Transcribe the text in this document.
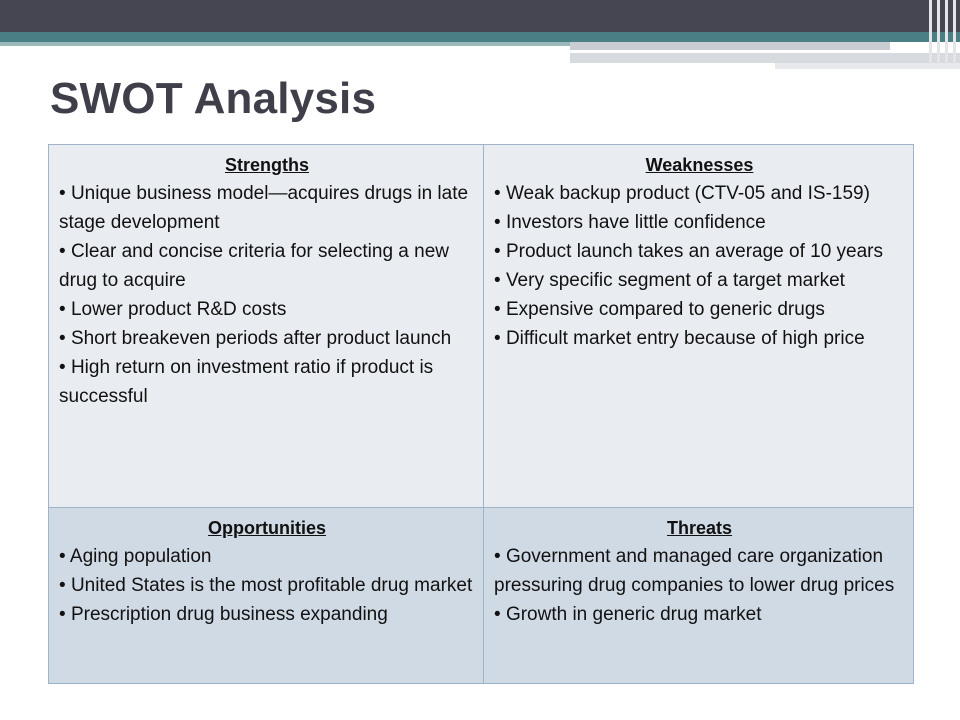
SWOT Analysis
Strengths
• Unique business model—acquires drugs in late stage development
• Clear and concise criteria for selecting a new drug to acquire
• Lower product R&D costs
• Short breakeven periods after product launch
• High return on investment ratio if product is successful
Weaknesses
• Weak backup product (CTV-05 and IS-159)
• Investors have little confidence
• Product launch takes an average of 10 years
• Very specific segment of a target market
• Expensive compared to generic drugs
• Difficult market entry because of high price
Opportunities
• Aging population
• United States is the most profitable drug market
• Prescription drug business expanding
Threats
• Government and managed care organization pressuring drug companies to lower drug prices
• Growth in generic drug market
